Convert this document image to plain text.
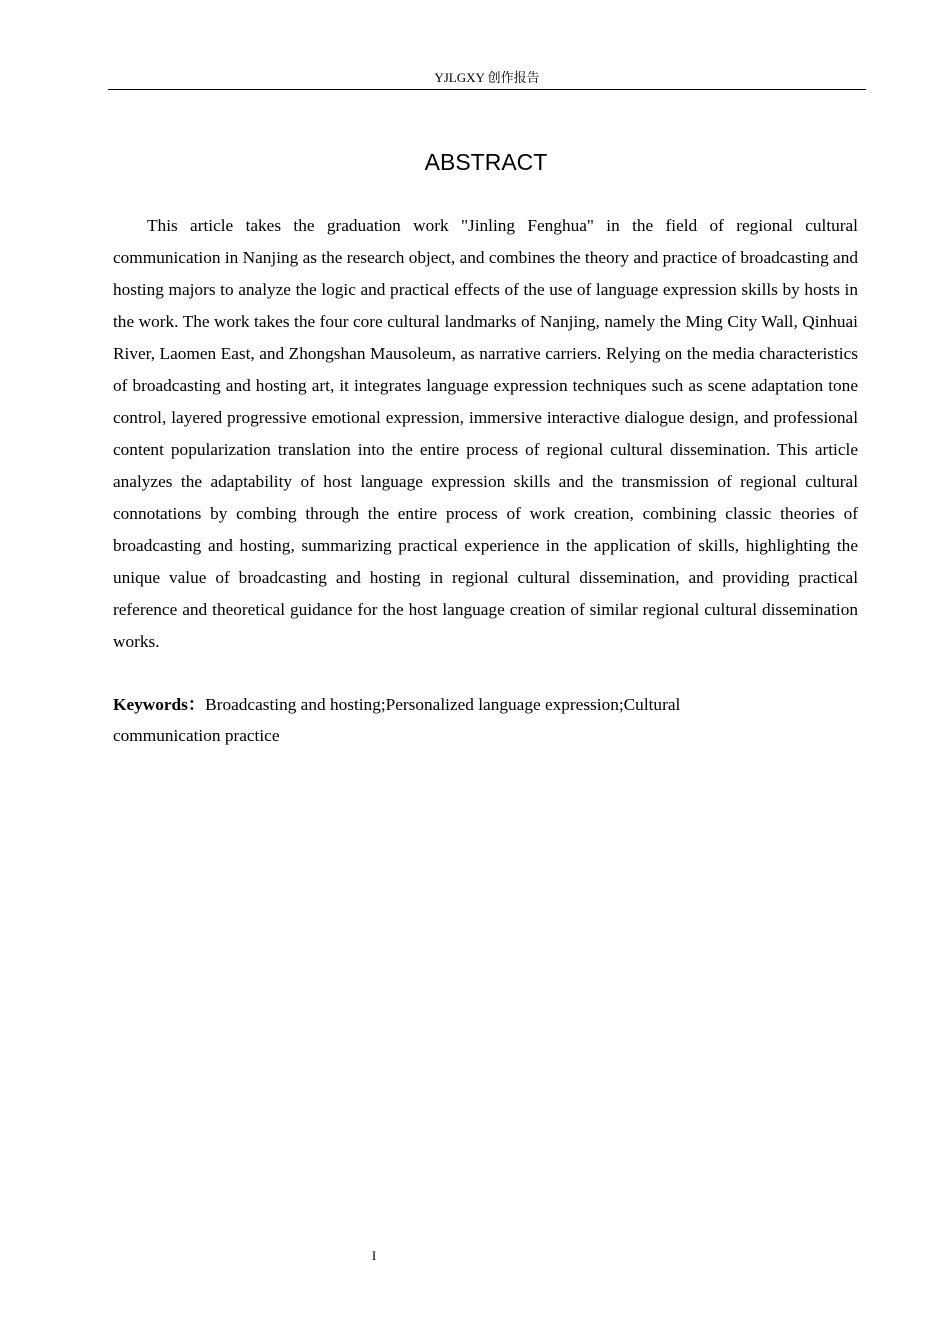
YJLGXY 创作报告
ABSTRACT

This article takes the graduation work "Jinling Fenghua" in the field of regional cultural communication in Nanjing as the research object, and combines the theory and practice of broadcasting and hosting majors to analyze the logic and practical effects of the use of language expression skills by hosts in the work. The work takes the four core cultural landmarks of Nanjing, namely the Ming City Wall, Qinhuai River, Laomen East, and Zhongshan Mausoleum, as narrative carriers. Relying on the media characteristics of broadcasting and hosting art, it integrates language expression techniques such as scene adaptation tone control, layered progressive emotional expression, immersive interactive dialogue design, and professional content popularization translation into the entire process of regional cultural dissemination. This article analyzes the adaptability of host language expression skills and the transmission of regional cultural connotations by combing through the entire process of work creation, combining classic theories of broadcasting and hosting, summarizing practical experience in the application of skills, highlighting the unique value of broadcasting and hosting in regional cultural dissemination, and providing practical reference and theoretical guidance for the host language creation of similar regional cultural dissemination works.

Keywords：Broadcasting and hosting;Personalized language expression;Cultural communication practice

I
